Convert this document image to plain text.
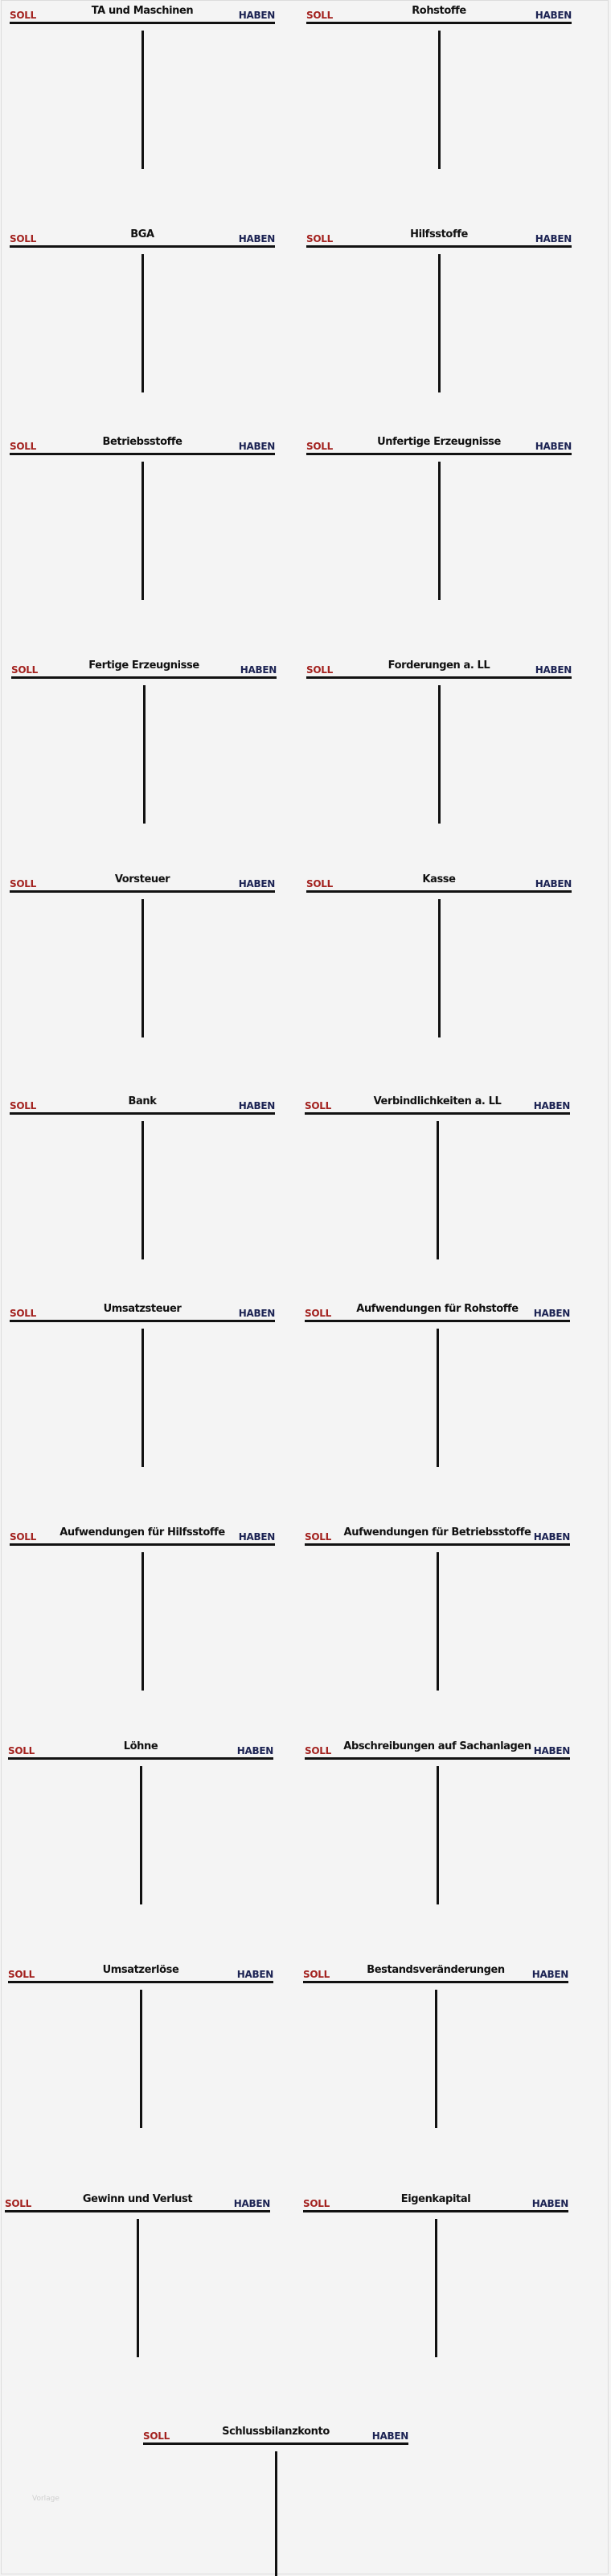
TA und Maschinen
SOLL	HABEN	Rohstoffe
SOLL	HABEN
BGA
SOLL	HABEN	Hilfsstoffe
SOLL	HABEN
Betriebsstoffe
SOLL	HABEN	Unfertige Erzeugnisse
SOLL	HABEN
Fertige Erzeugnisse
SOLL	HABEN	Forderungen a. LL
SOLL	HABEN
Vorsteuer
SOLL	HABEN	Kasse
SOLL	HABEN
Bank
SOLL	HABEN	Verbindlichkeiten a. LL
SOLL	HABEN
Umsatzsteuer
SOLL	HABEN	Aufwendungen für Rohstoffe
SOLL	HABEN
Aufwendungen für Hilfsstoffe
SOLL	HABEN	Aufwendungen für Betriebsstoffe
SOLL	HABEN
Löhne
SOLL	HABEN	Abschreibungen auf Sachanlagen
SOLL	HABEN
Umsatzerlöse
SOLL	HABEN	Bestandsveränderungen
SOLL	HABEN
Gewinn und Verlust
SOLL	HABEN	Eigenkapital
SOLL	HABEN
Schlussbilanzkonto
SOLL	HABEN
Vorlage
